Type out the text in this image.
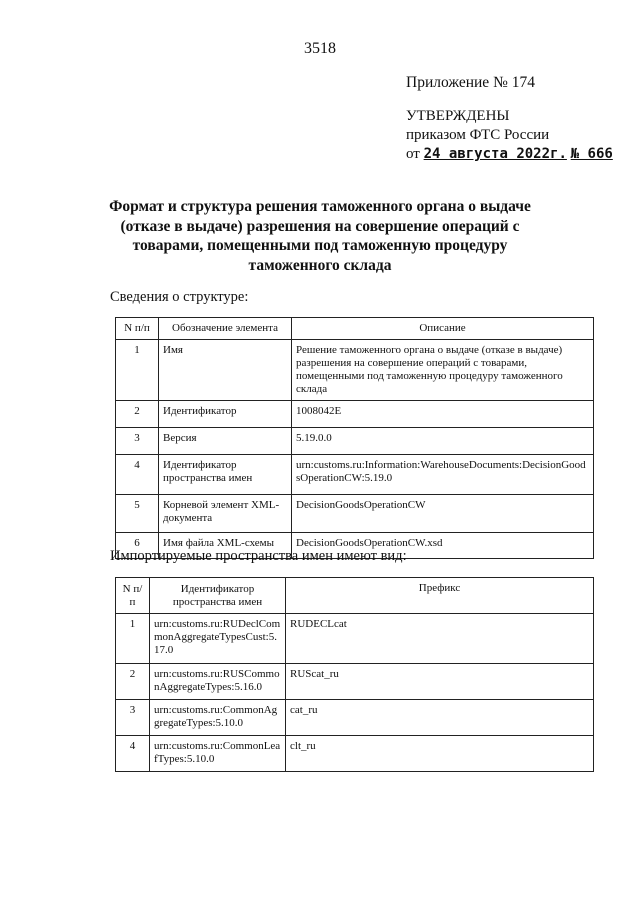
3518
Приложение № 174
УТВЕРЖДЕНЫ
приказом ФТС России
от 24 августа 2022г. № 666
Формат и структура решения таможенного органа о выдаче (отказе в выдаче) разрешения на совершение операций с товарами, помещенными под таможенную процедуру таможенного склада
Сведения о структуре:
N п/п	Обозначение элемента	Описание
1	Имя	Решение таможенного органа о выдаче (отказе в выдаче) разрешения на совершение операций с товарами, помещенными под таможенную процедуру таможенного склада
2	Идентификатор	1008042E
3	Версия	5.19.0.0
4	Идентификатор пространства имен	urn:customs.ru:Information:WarehouseDocuments:DecisionGoodsOperationCW:5.19.0
5	Корневой элемент XML-документа	DecisionGoodsOperationCW
6	Имя файла XML-схемы	DecisionGoodsOperationCW.xsd
Импортируемые пространства имен имеют вид:
N п/п	Идентификатор пространства имен	Префикс
1	urn:customs.ru:RUDeclCommonAggregateTypesCust:5.17.0	RUDECLcat
2	urn:customs.ru:RUSCommonAggregateTypes:5.16.0	RUScat_ru
3	urn:customs.ru:CommonAggregateTypes:5.10.0	cat_ru
4	urn:customs.ru:CommonLeafTypes:5.10.0	clt_ru
